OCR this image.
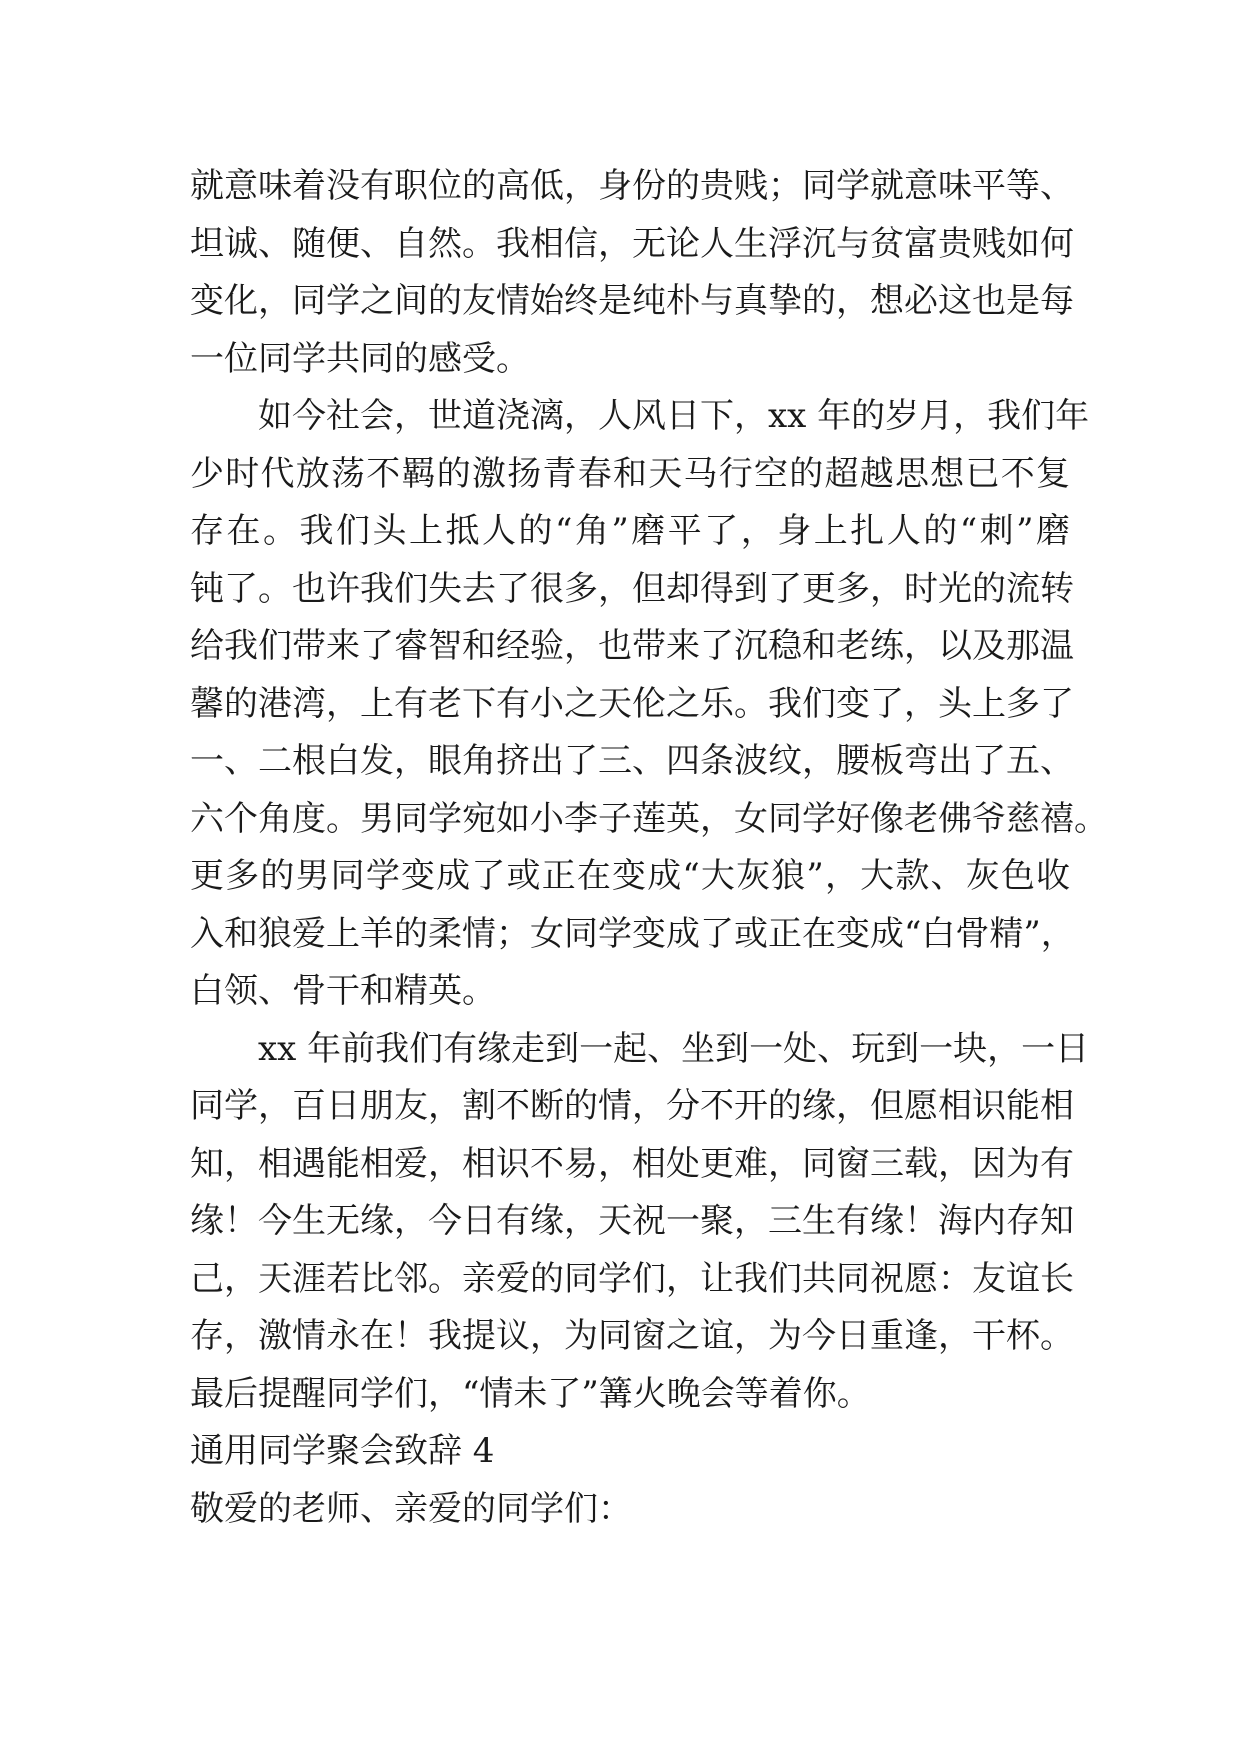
就意味着没有职位的高低，身份的贵贱；同学就意味平等、
坦诚、随便、自然。我相信，无论人生浮沉与贫富贵贱如何
变化，同学之间的友情始终是纯朴与真挚的，想必这也是每
一位同学共同的感受。
如今社会，世道浇漓，人风日下，xx 年的岁月，我们年
少时代放荡不羁的激扬青春和天马行空的超越思想已不复
存在。我们头上抵人的“角”磨平了，身上扎人的“刺”磨
钝了。也许我们失去了很多，但却得到了更多，时光的流转
给我们带来了睿智和经验，也带来了沉稳和老练，以及那温
馨的港湾，上有老下有小之天伦之乐。我们变了，头上多了
一、二根白发，眼角挤出了三、四条波纹，腰板弯出了五、
六个角度。男同学宛如小李子莲英，女同学好像老佛爷慈禧。
更多的男同学变成了或正在变成“大灰狼”，大款、灰色收
入和狼爱上羊的柔情；女同学变成了或正在变成“白骨精”，
白领、骨干和精英。
xx 年前我们有缘走到一起、坐到一处、玩到一块，一日
同学，百日朋友，割不断的情，分不开的缘，但愿相识能相
知，相遇能相爱，相识不易，相处更难，同窗三载，因为有
缘！今生无缘，今日有缘，天祝一聚，三生有缘！海内存知
己，天涯若比邻。亲爱的同学们，让我们共同祝愿：友谊长
存，激情永在！我提议，为同窗之谊，为今日重逢，干杯。
最后提醒同学们，“情未了”篝火晚会等着你。
通用同学聚会致辞 4
敬爱的老师、亲爱的同学们：
